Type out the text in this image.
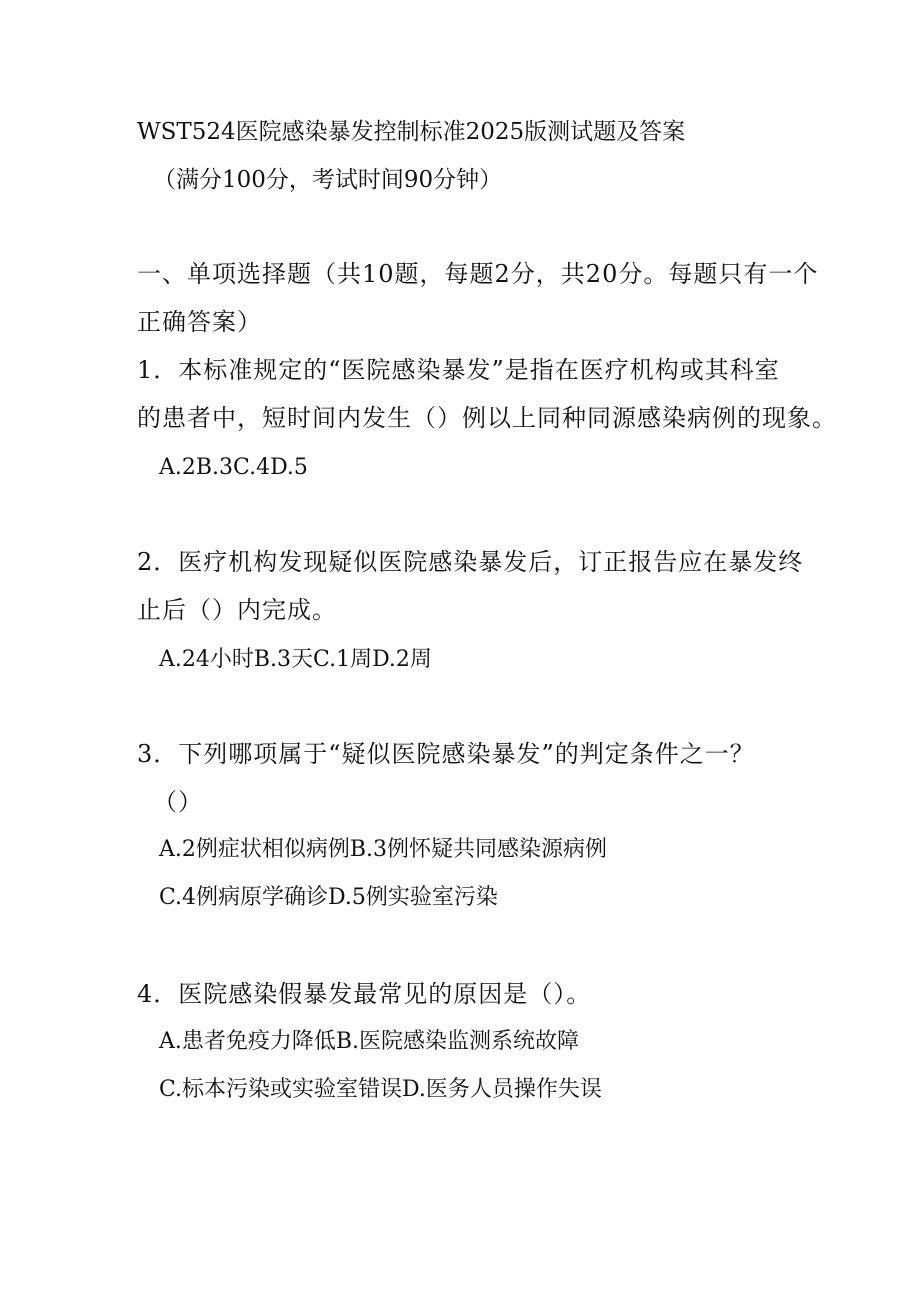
WST524医院感染暴发控制标准2025版测试题及答案
（满分100分，考试时间90分钟）
一、单项选择题（共10题，每题2分，共20分。每题只有一个
正确答案）
1．本标准规定的“医院感染暴发”是指在医疗机构或其科室
的患者中，短时间内发生（）例以上同种同源感染病例的现象。
A.2B.3C.4D.5
2．医疗机构发现疑似医院感染暴发后，订正报告应在暴发终
止后（）内完成。
A.24小时B.3天C.1周D.2周
3．下列哪项属于“疑似医院感染暴发”的判定条件之一？
（）
A.2例症状相似病例B.3例怀疑共同感染源病例
C.4例病原学确诊D.5例实验室污染
4．医院感染假暴发最常见的原因是（）。
A.患者免疫力降低B.医院感染监测系统故障
C.标本污染或实验室错误D.医务人员操作失误
